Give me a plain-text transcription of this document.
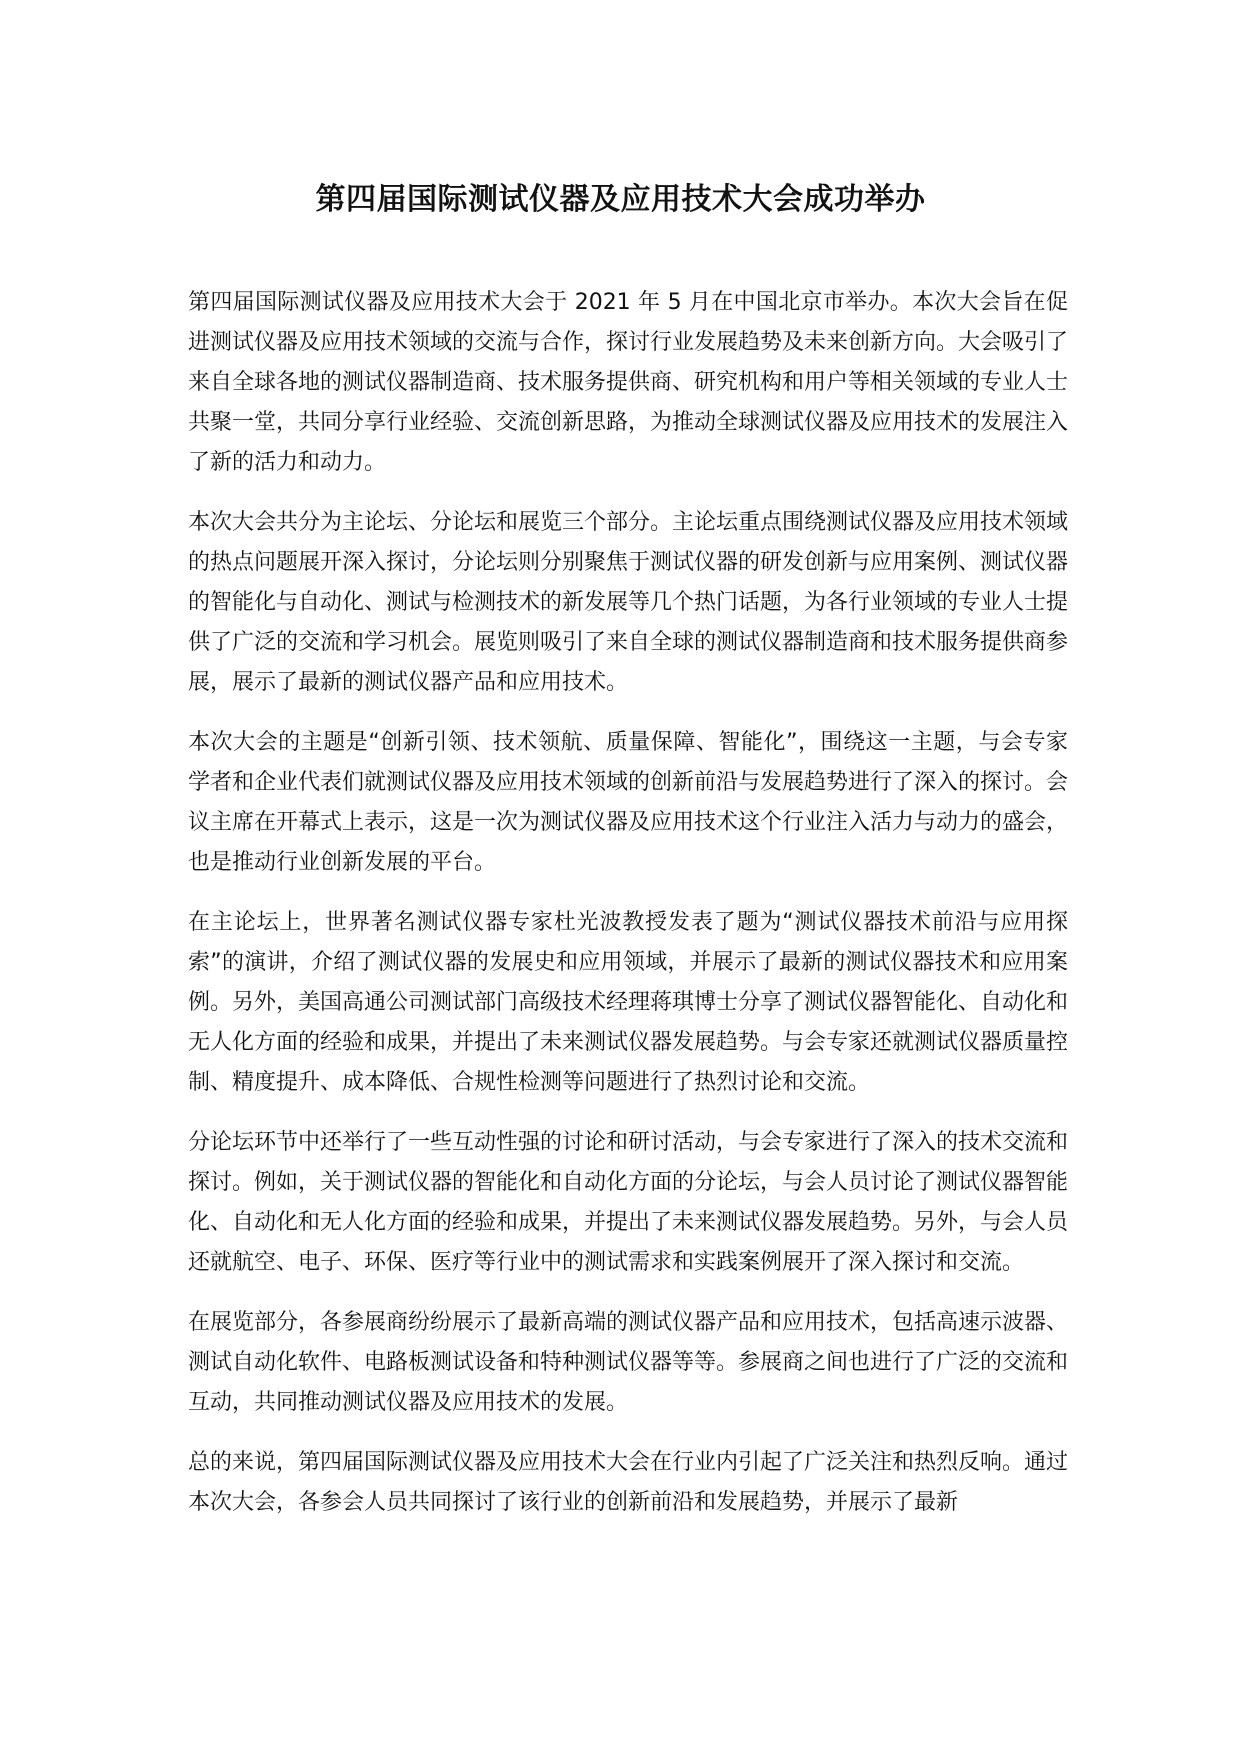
第四届国际测试仪器及应用技术大会成功举办

第四届国际测试仪器及应用技术大会于 2021 年 5 月在中国北京市举办。本次大会旨在促进测试仪器及应用技术领域的交流与合作，探讨行业发展趋势及未来创新方向。大会吸引了来自全球各地的测试仪器制造商、技术服务提供商、研究机构和用户等相关领域的专业人士共聚一堂，共同分享行业经验、交流创新思路，为推动全球测试仪器及应用技术的发展注入了新的活力和动力。

本次大会共分为主论坛、分论坛和展览三个部分。主论坛重点围绕测试仪器及应用技术领域的热点问题展开深入探讨，分论坛则分别聚焦于测试仪器的研发创新与应用案例、测试仪器的智能化与自动化、测试与检测技术的新发展等几个热门话题，为各行业领域的专业人士提供了广泛的交流和学习机会。展览则吸引了来自全球的测试仪器制造商和技术服务提供商参展，展示了最新的测试仪器产品和应用技术。

本次大会的主题是“创新引领、技术领航、质量保障、智能化”，围绕这一主题，与会专家学者和企业代表们就测试仪器及应用技术领域的创新前沿与发展趋势进行了深入的探讨。会议主席在开幕式上表示，这是一次为测试仪器及应用技术这个行业注入活力与动力的盛会，也是推动行业创新发展的平台。

在主论坛上，世界著名测试仪器专家杜光波教授发表了题为“测试仪器技术前沿与应用探索”的演讲，介绍了测试仪器的发展史和应用领域，并展示了最新的测试仪器技术和应用案例。另外，美国高通公司测试部门高级技术经理蒋琪博士分享了测试仪器智能化、自动化和无人化方面的经验和成果，并提出了未来测试仪器发展趋势。与会专家还就测试仪器质量控制、精度提升、成本降低、合规性检测等问题进行了热烈讨论和交流。

分论坛环节中还举行了一些互动性强的讨论和研讨活动，与会专家进行了深入的技术交流和探讨。例如，关于测试仪器的智能化和自动化方面的分论坛，与会人员讨论了测试仪器智能化、自动化和无人化方面的经验和成果，并提出了未来测试仪器发展趋势。另外，与会人员还就航空、电子、环保、医疗等行业中的测试需求和实践案例展开了深入探讨和交流。

在展览部分，各参展商纷纷展示了最新高端的测试仪器产品和应用技术，包括高速示波器、测试自动化软件、电路板测试设备和特种测试仪器等等。参展商之间也进行了广泛的交流和互动，共同推动测试仪器及应用技术的发展。

总的来说，第四届国际测试仪器及应用技术大会在行业内引起了广泛关注和热烈反响。通过本次大会，各参会人员共同探讨了该行业的创新前沿和发展趋势，并展示了最新
